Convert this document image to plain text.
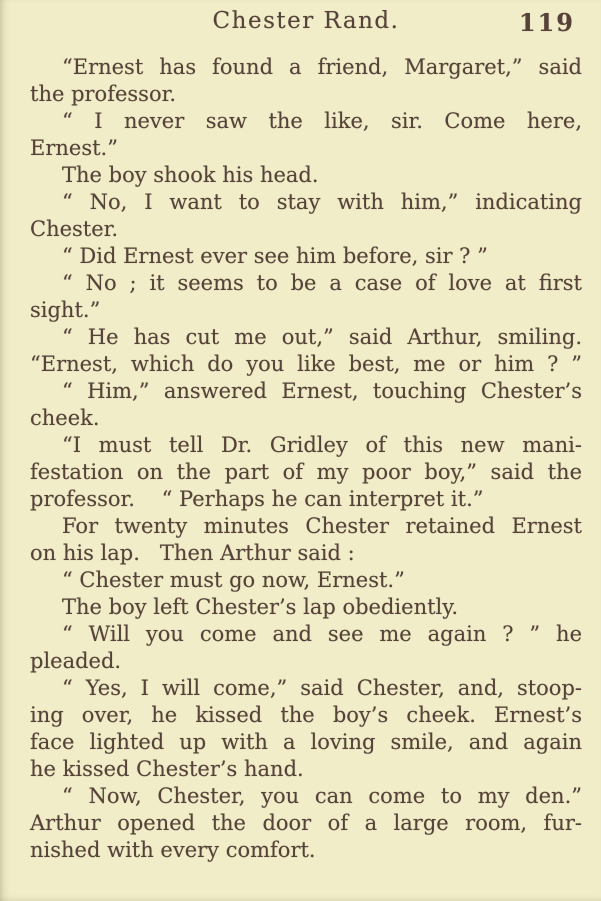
Chester Rand.	119
“Ernest has found a friend, Margaret,” said
the professor.
“ I never saw the like, sir. Come here,
Ernest.”
The boy shook his head.
“ No, I want to stay with him,” indicating
Chester.
“ Did Ernest ever see him before, sir ? ”
“ No ; it seems to be a case of love at first
sight.”
“ He has cut me out,” said Arthur, smiling.
“Ernest, which do you like best, me or him ? ”
“ Him,” answered Ernest, touching Chester’s
cheek.
“I must tell Dr. Gridley of this new mani-
festation on the part of my poor boy,” said the
professor.    “ Perhaps he can interpret it.”
For twenty minutes Chester retained Ernest
on his lap.   Then Arthur said :
“ Chester must go now, Ernest.”
The boy left Chester’s lap obediently.
“ Will you come and see me again ? ” he
pleaded.
“ Yes, I will come,” said Chester, and, stoop-
ing over, he kissed the boy’s cheek. Ernest’s
face lighted up with a loving smile, and again
he kissed Chester’s hand.
“ Now, Chester, you can come to my den.”
Arthur opened the door of a large room, fur-
nished with every comfort.
